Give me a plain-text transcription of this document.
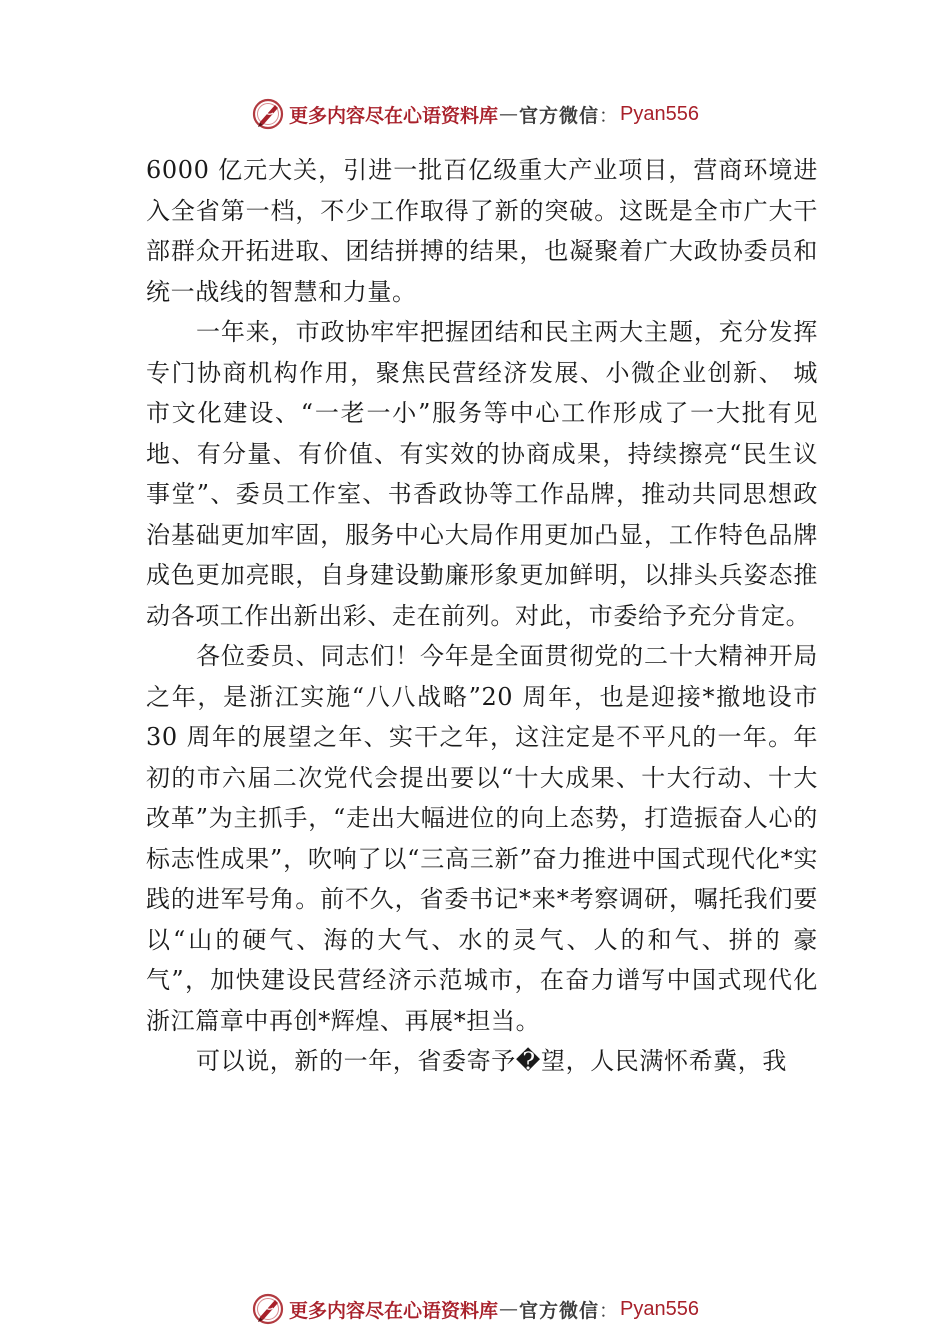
更多内容尽在心语资料库 — 官方微信 ： Pyan556

6000 亿元大关，引进一批百亿级重大产业项目，营商环境进入全省第一档，不少工作取得了新的突破。这既是全市广大干部群众开拓进取、团结拼搏的结果，也凝聚着广大政协委员和统一战线的智慧和力量。

一年来，市政协牢牢把握团结和民主两大主题，充分发挥专门协商机构作用，聚焦民营经济发展、小微企业创新、 城市文化建设、“一老一小”服务等中心工作形成了一大批有见地、有分量、有价值、有实效的协商成果，持续擦亮“民生议事堂”、委员工作室、书香政协等工作品牌，推动共同思想政治基础更加牢固，服务中心大局作用更加凸显，工作特色品牌成色更加亮眼，自身建设勤廉形象更加鲜明，以排头兵姿态推动各项工作出新出彩、走在前列。对此，市委给予充分肯定。

各位委员、同志们！今年是全面贯彻党的二十大精神开局之年，是浙江实施“八八战略”20 周年，也是迎接*撤地设市 30 周年的展望之年、实干之年，这注定是不平凡的一年。年初的市六届二次党代会提出要以“十大成果、十大行动、十大改革”为主抓手，“走出大幅进位的向上态势，打造振奋人心的标志性成果”，吹响了以“三高三新”奋力推进中国式现代化*实践的进军号角。前不久，省委书记*来*考察调研，嘱托我们要以“山的硬气、海的大气、水的灵气、人的和气、拼的 豪气”，加快建设民营经济示范城市，在奋力谱写中国式现代化浙江篇章中再创*辉煌、再展*担当。

可以说，新的一年，省委寄予�望，人民满怀希冀，我

更多内容尽在心语资料库 — 官方微信 ： Pyan556
